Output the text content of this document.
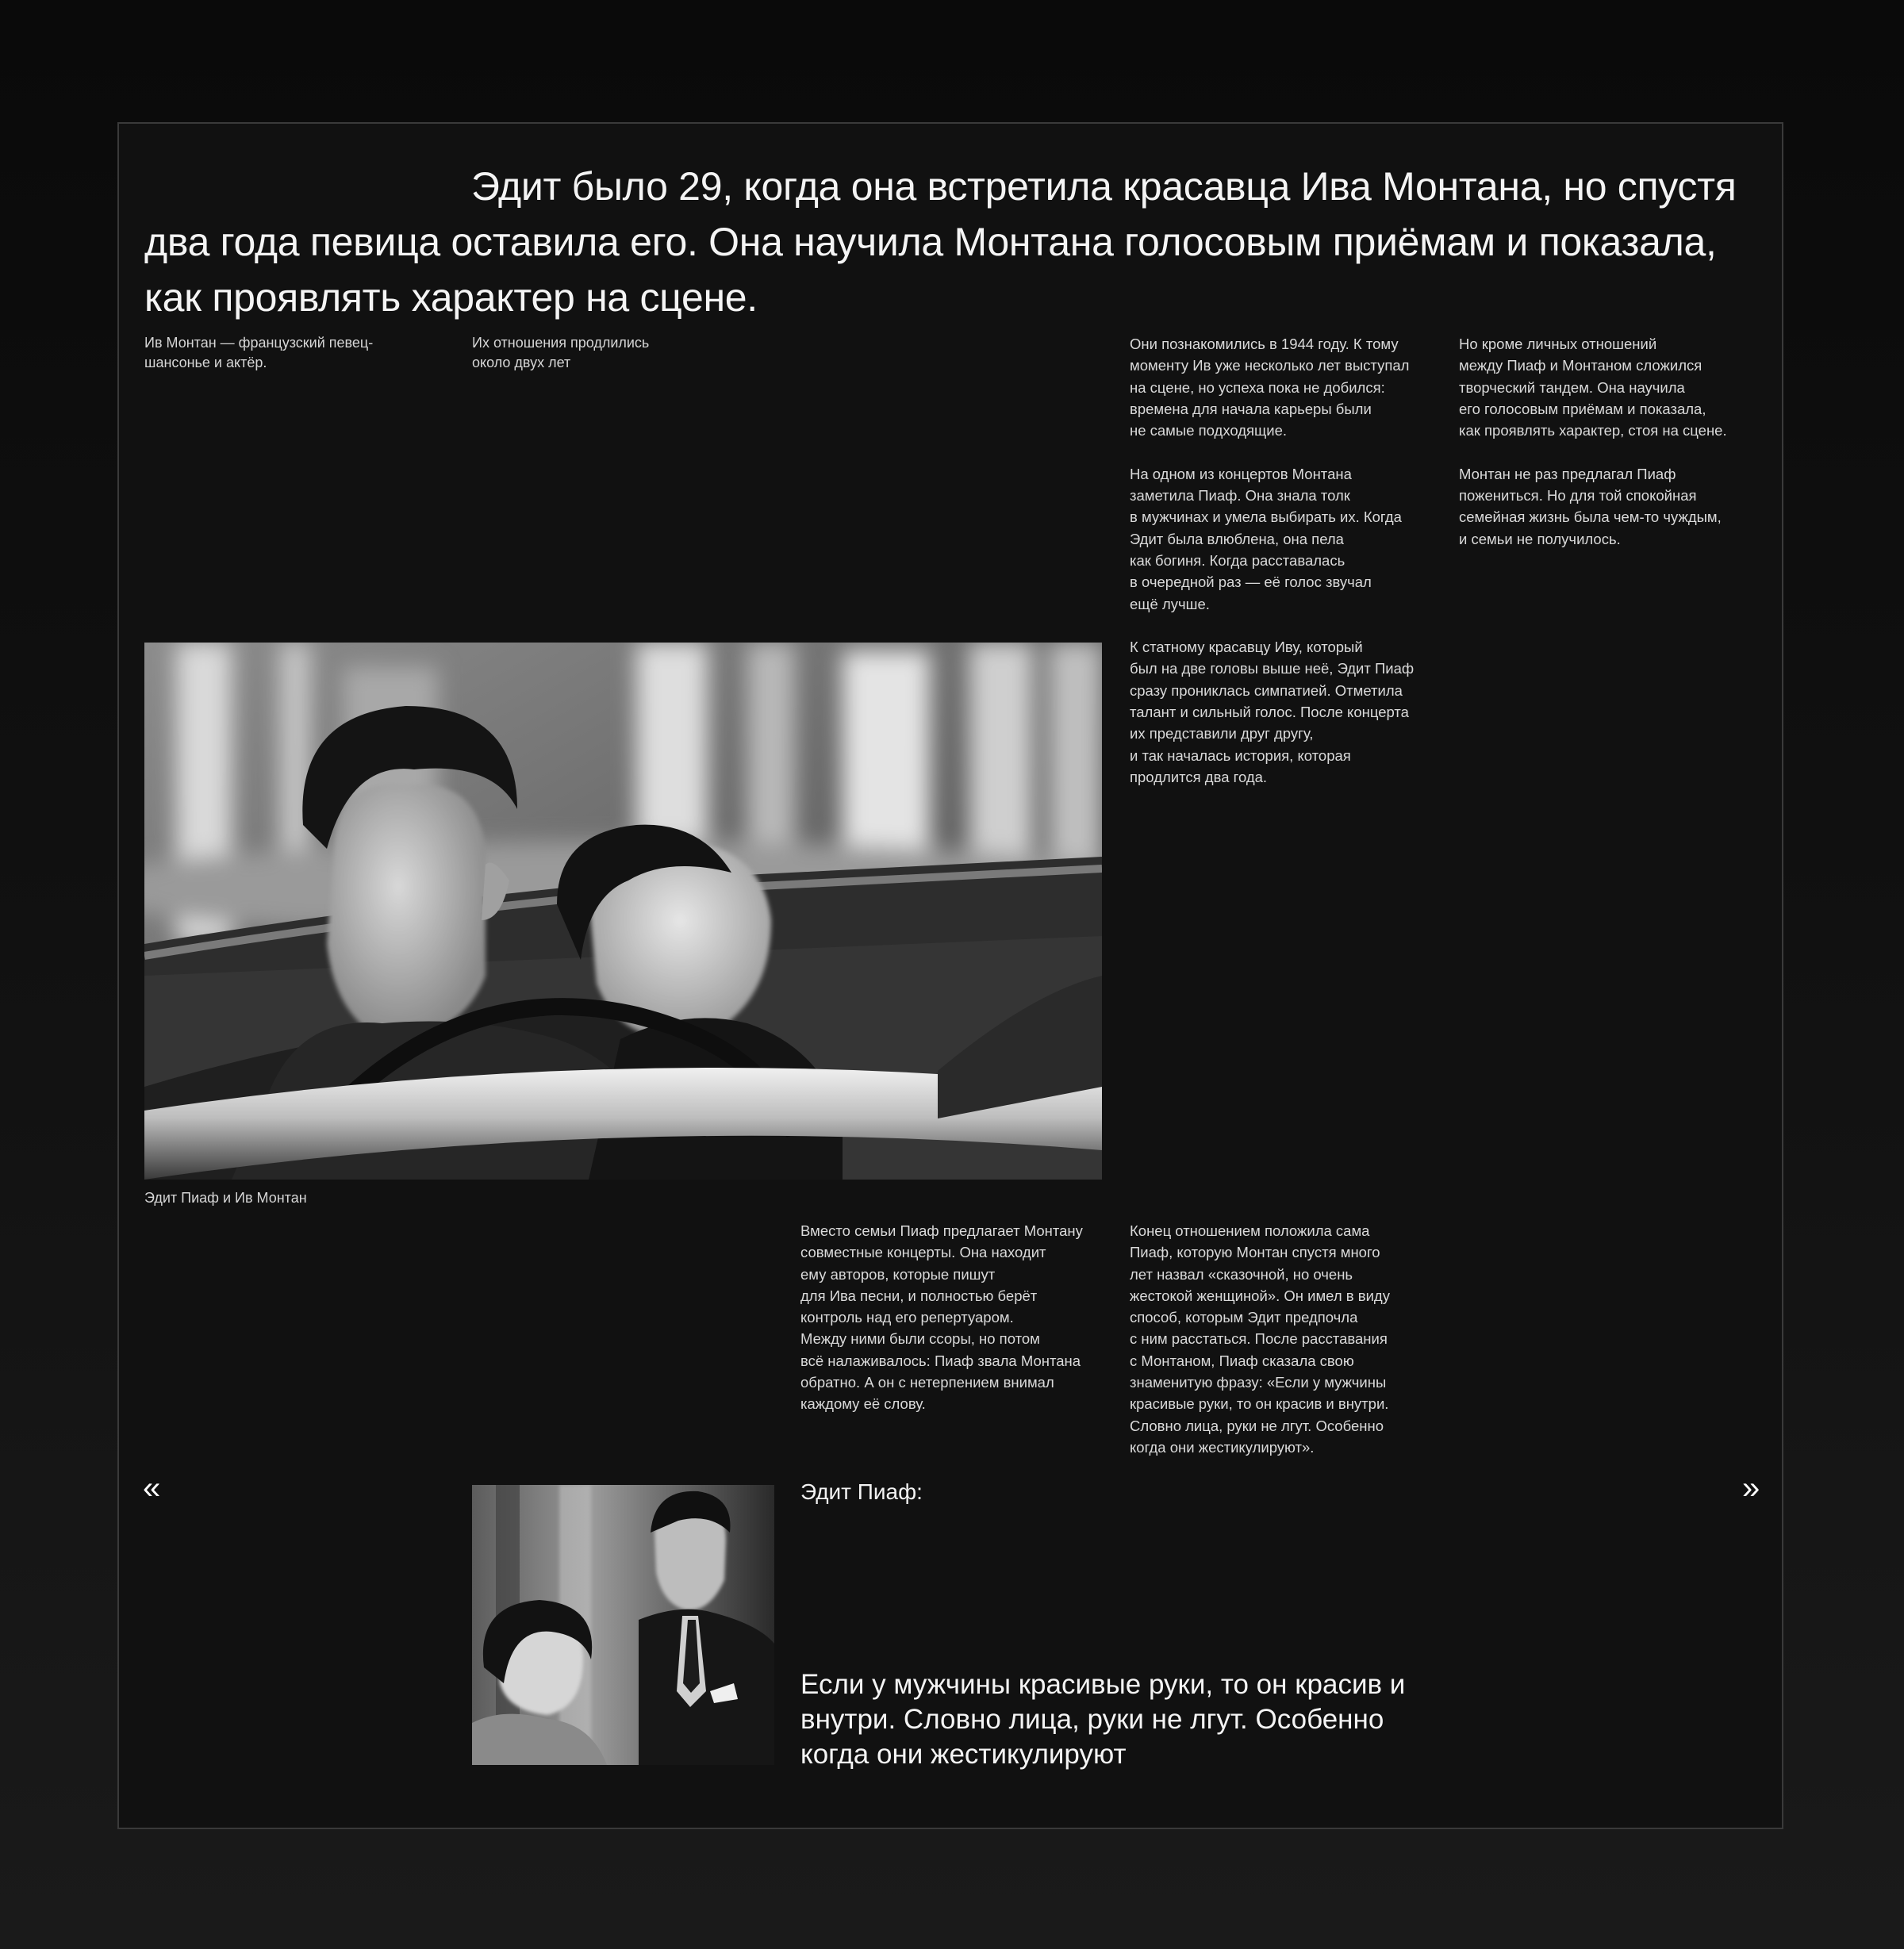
Эдит было 29, когда она встретила красавца Ива Монтана, но спустя два года певица оставила его. Она научила Монтана голосовым приёмам и показала, как проявлять характер на сцене.
Ив Монтан — французский певец-шансонье и актёр.
Их отношения продлились около двух лет
Они познакомились в 1944 году. К тому
моменту Ив уже несколько лет выступал
на сцене, но успеха пока не добился:
времена для начала карьеры были
не самые подходящие.

На одном из концертов Монтана
заметила Пиаф. Она знала толк
в мужчинах и умела выбирать их. Когда
Эдит была влюблена, она пела
как богиня. Когда расставалась
в очередной раз — её голос звучал
ещё лучше.

К статному красавцу Иву, который
был на две головы выше неё, Эдит Пиаф
сразу прониклась симпатией. Отметила
талант и сильный голос. После концерта
их представили друг другу,
и так началась история, которая
продлится два года.
Но кроме личных отношений
между Пиаф и Монтаном сложился
творческий тандем. Она научила
его голосовым приёмам и показала,
как проявлять характер, стоя на сцене.

Монтан не раз предлагал Пиаф
пожениться. Но для той спокойная
семейная жизнь была чем-то чуждым,
и семьи не получилось.
Эдит Пиаф и Ив Монтан
Вместо семьи Пиаф предлагает Монтану
совместные концерты. Она находит
ему авторов, которые пишут
для Ива песни, и полностью берёт
контроль над его репертуаром.
Между ними были ссоры, но потом
всё налаживалось: Пиаф звала Монтана
обратно. А он с нетерпением внимал
каждому её слову.
Конец отношением положила сама
Пиаф, которую Монтан спустя много
лет назвал «сказочной, но очень
жестокой женщиной». Он имел в виду
способ, которым Эдит предпочла
с ним расстаться. После расставания
с Монтаном, Пиаф сказала свою
знаменитую фразу: «Если у мужчины
красивые руки, то он красив и внутри.
Словно лица, руки не лгут. Особенно
когда они жестикулируют».
«	»
Эдит Пиаф:
Если у мужчины красивые руки, то он красив и внутри. Словно лица, руки не лгут. Особенно когда они жестикулируют
